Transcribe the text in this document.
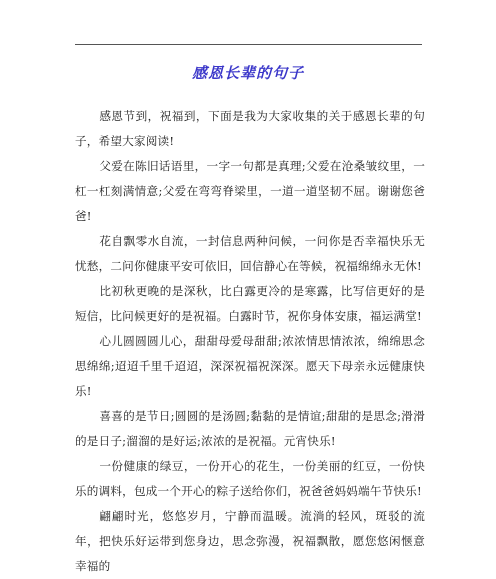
感恩长辈的句子

感恩节到，祝福到，下面是我为大家收集的关于感恩长辈的句子，希望大家阅读!

父爱在陈旧话语里，一字一句都是真理;父爱在沧桑皱纹里，一杠一杠刻满情意;父爱在弯弯脊梁里，一道一道坚韧不屈。谢谢您爸爸!

花自飘零水自流，一封信息两种问候，一问你是否幸福快乐无忧愁，二问你健康平安可依旧，回信静心在等候，祝福绵绵永无休!

比初秋更晚的是深秋，比白露更冷的是寒露，比写信更好的是短信，比问候更好的是祝福。白露时节，祝你身体安康，福运满堂!

心儿圆圆圆儿心，甜甜母爱母甜甜;浓浓情思情浓浓，绵绵思念思绵绵;迢迢千里千迢迢，深深祝福祝深深。愿天下母亲永远健康快乐!

喜喜的是节日;圆圆的是汤圆;黏黏的是情谊;甜甜的是思念;滑滑的是日子;溜溜的是好运;浓浓的是祝福。元宵快乐!

一份健康的绿豆，一份开心的花生，一份美丽的红豆，一份快乐的调料，包成一个开心的粽子送给你们，祝爸爸妈妈端午节快乐!

翩翩时光，悠悠岁月，宁静而温暖。流淌的轻风，斑驳的流年，把快乐好运带到您身边，思念弥漫，祝福飘散，愿您悠闲惬意幸福的
